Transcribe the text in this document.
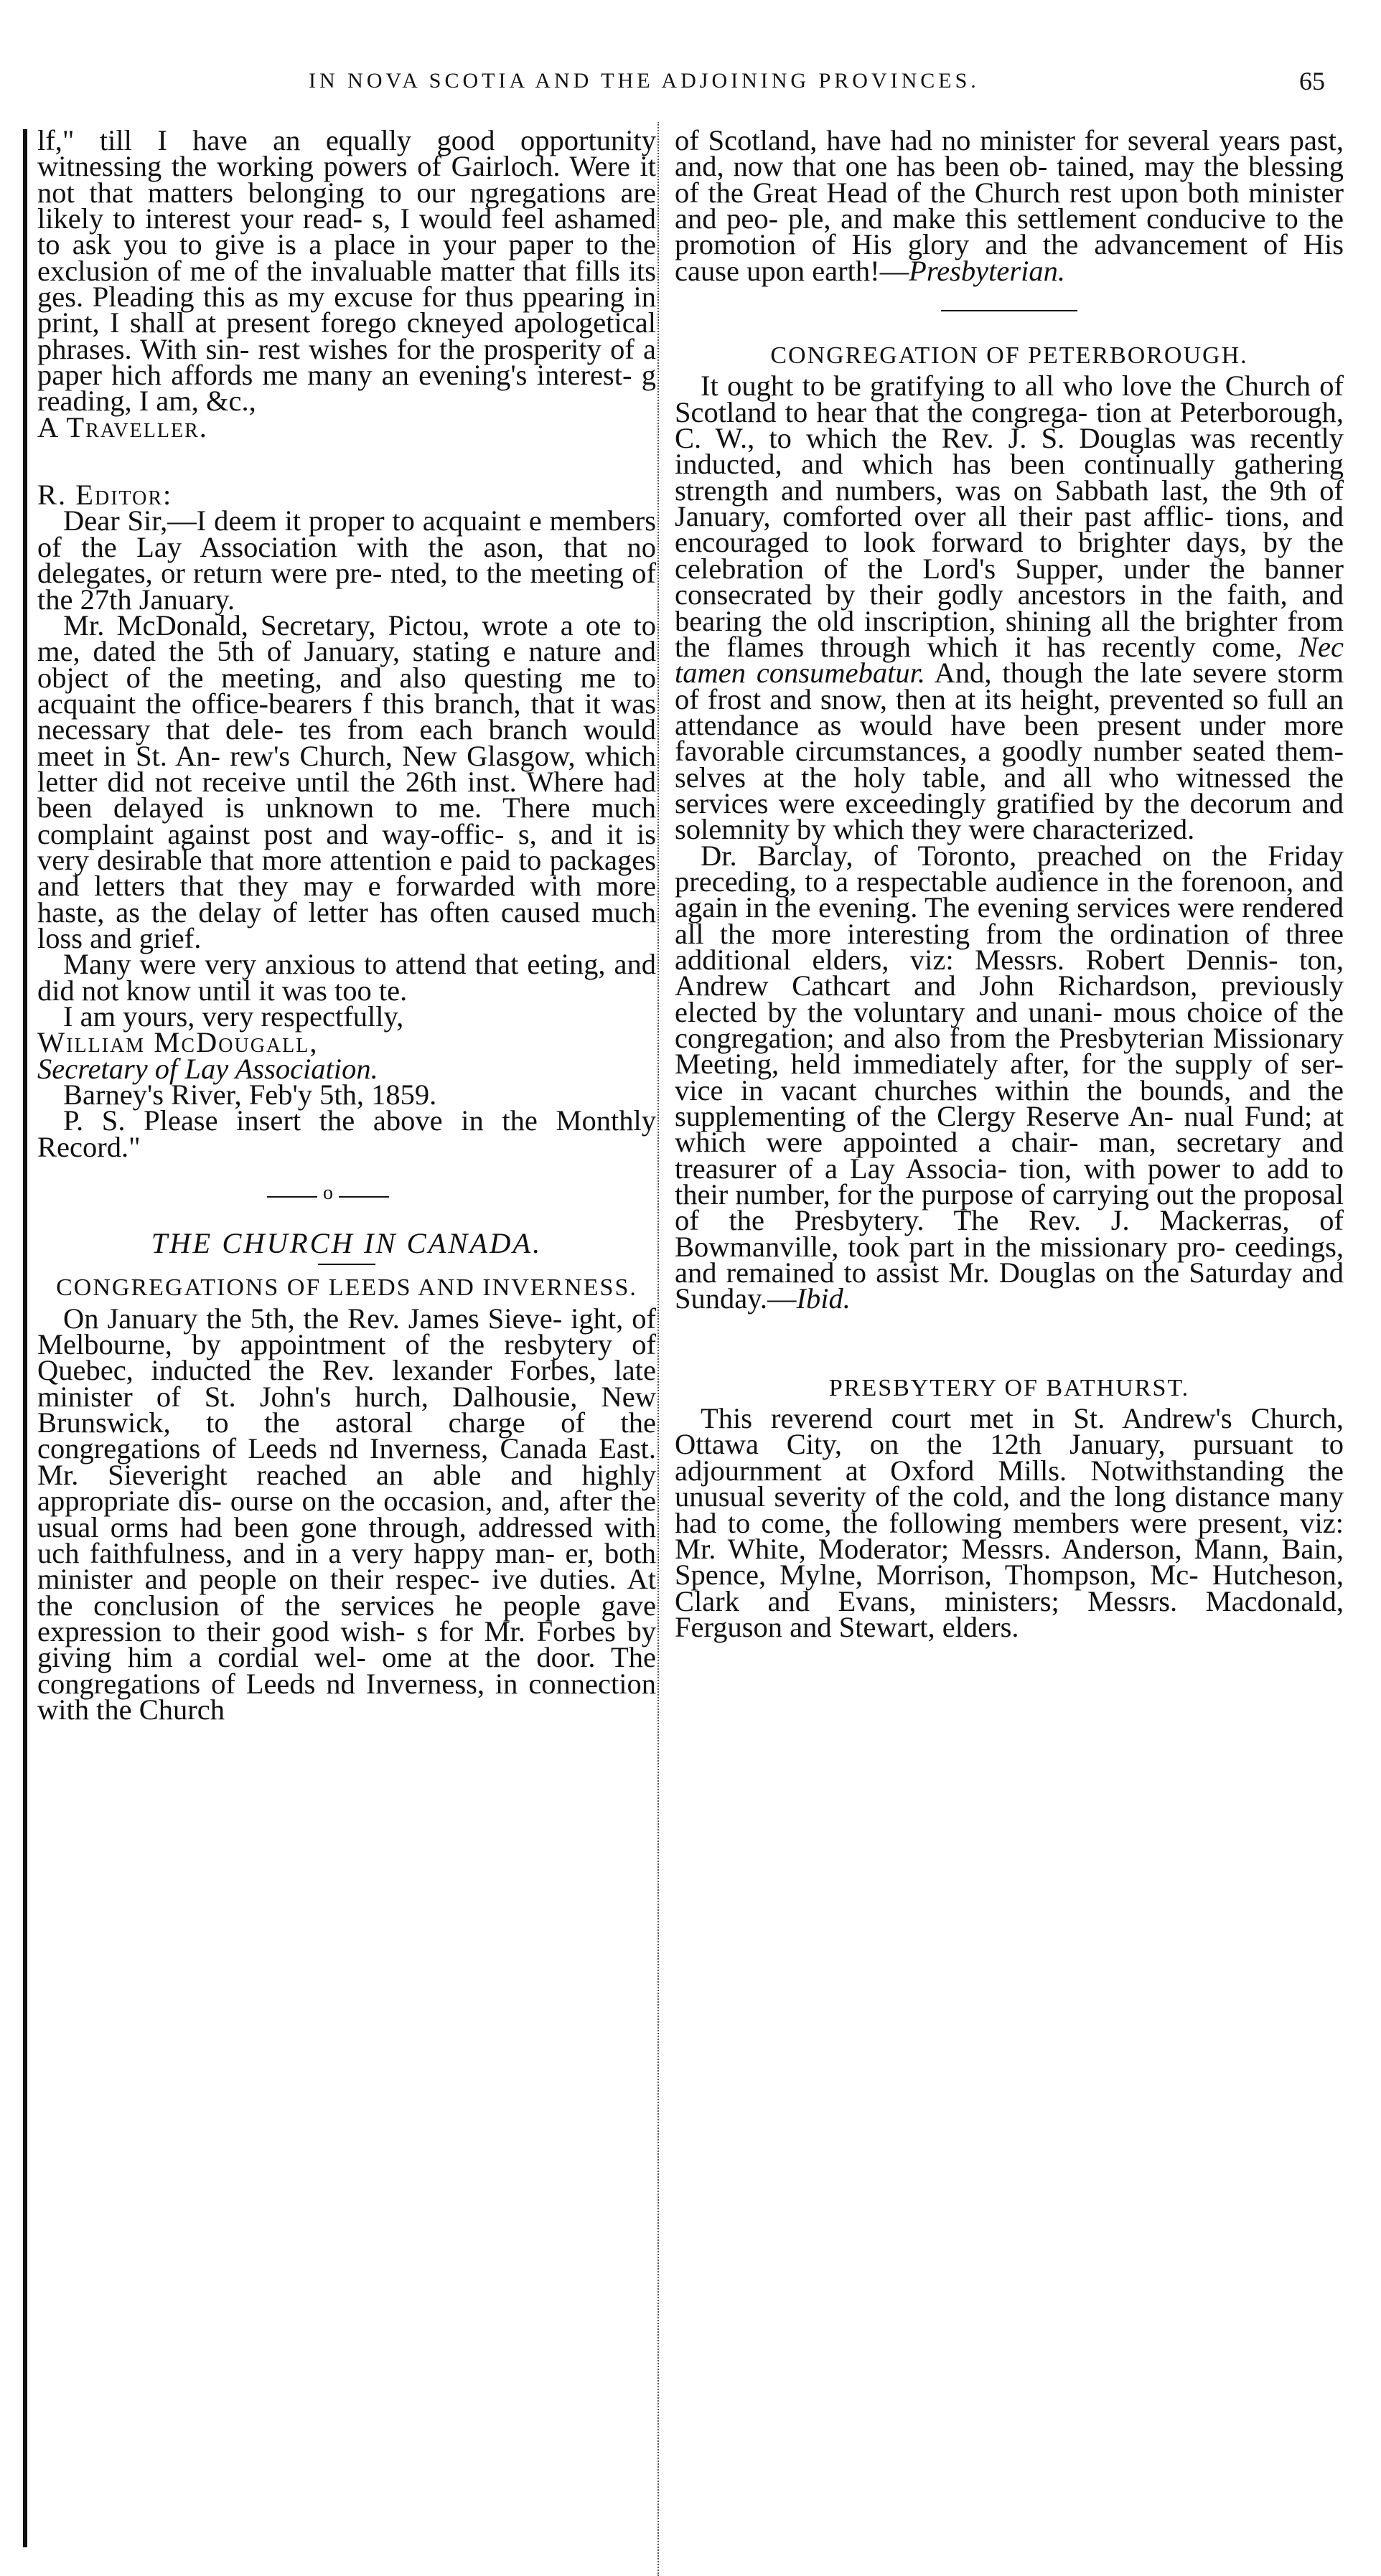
IN NOVA SCOTIA AND THE ADJOINING PROVINCES.	65

lf," till I have an equally good opportunity witnessing the working powers of Gairloch. Were it not that matters belonging to our ngregations are likely to interest your read- s, I would feel ashamed to ask you to give is a place in your paper to the exclusion of me of the invaluable matter that fills its ges. Pleading this as my excuse for thus ppearing in print, I shall at present forego ckneyed apologetical phrases. With sin- rest wishes for the prosperity of a paper hich affords me many an evening's interest- g reading, I am, &c.,

A Traveller.

R. Editor:

Dear Sir,—I deem it proper to acquaint e members of the Lay Association with the ason, that no delegates, or return were pre- nted, to the meeting of the 27th January.

Mr. McDonald, Secretary, Pictou, wrote a ote to me, dated the 5th of January, stating e nature and object of the meeting, and also questing me to acquaint the office-bearers f this branch, that it was necessary that dele- tes from each branch would meet in St. An- rew's Church, New Glasgow, which letter did not receive until the 26th inst. Where had been delayed is unknown to me. There much complaint against post and way-offic- s, and it is very desirable that more attention e paid to packages and letters that they may e forwarded with more haste, as the delay of letter has often caused much loss and grief.

Many were very anxious to attend that eeting, and did not know until it was too te.

I am yours, very respectfully,

William McDougall,

Secretary of Lay Association.

Barney's River, Feb'y 5th, 1859.

P. S. Please insert the above in the Monthly Record."

o
THE CHURCH IN CANADA.
CONGREGATIONS OF LEEDS AND INVERNESS.

On January the 5th, the Rev. James Sieve- ight, of Melbourne, by appointment of the resbytery of Quebec, inducted the Rev. lexander Forbes, late minister of St. John's hurch, Dalhousie, New Brunswick, to the astoral charge of the congregations of Leeds nd Inverness, Canada East. Mr. Sieveright reached an able and highly appropriate dis- ourse on the occasion, and, after the usual orms had been gone through, addressed with uch faithfulness, and in a very happy man- er, both minister and people on their respec- ive duties. At the conclusion of the services he people gave expression to their good wish- s for Mr. Forbes by giving him a cordial wel- ome at the door. The congregations of Leeds nd Inverness, in connection with the Church

of Scotland, have had no minister for several years past, and, now that one has been ob- tained, may the blessing of the Great Head of the Church rest upon both minister and peo- ple, and make this settlement conducive to the promotion of His glory and the advancement of His cause upon earth!—Presbyterian.

CONGREGATION OF PETERBOROUGH.

It ought to be gratifying to all who love the Church of Scotland to hear that the congrega- tion at Peterborough, C. W., to which the Rev. J. S. Douglas was recently inducted, and which has been continually gathering strength and numbers, was on Sabbath last, the 9th of January, comforted over all their past afflic- tions, and encouraged to look forward to brighter days, by the celebration of the Lord's Supper, under the banner consecrated by their godly ancestors in the faith, and bearing the old inscription, shining all the brighter from the flames through which it has recently come, Nec tamen consumebatur. And, though the late severe storm of frost and snow, then at its height, prevented so full an attendance as would have been present under more favorable circumstances, a goodly number seated them- selves at the holy table, and all who witnessed the services were exceedingly gratified by the decorum and solemnity by which they were characterized.

Dr. Barclay, of Toronto, preached on the Friday preceding, to a respectable audience in the forenoon, and again in the evening. The evening services were rendered all the more interesting from the ordination of three additional elders, viz: Messrs. Robert Dennis- ton, Andrew Cathcart and John Richardson, previously elected by the voluntary and unani- mous choice of the congregation; and also from the Presbyterian Missionary Meeting, held immediately after, for the supply of ser- vice in vacant churches within the bounds, and the supplementing of the Clergy Reserve An- nual Fund; at which were appointed a chair- man, secretary and treasurer of a Lay Associa- tion, with power to add to their number, for the purpose of carrying out the proposal of the Presbytery. The Rev. J. Mackerras, of Bowmanville, took part in the missionary pro- ceedings, and remained to assist Mr. Douglas on the Saturday and Sunday.—Ibid.

PRESBYTERY OF BATHURST.

This reverend court met in St. Andrew's Church, Ottawa City, on the 12th January, pursuant to adjournment at Oxford Mills. Notwithstanding the unusual severity of the cold, and the long distance many had to come, the following members were present, viz: Mr. White, Moderator; Messrs. Anderson, Mann, Bain, Spence, Mylne, Morrison, Thompson, Mc- Hutcheson, Clark and Evans, ministers; Messrs. Macdonald, Ferguson and Stewart, elders.
